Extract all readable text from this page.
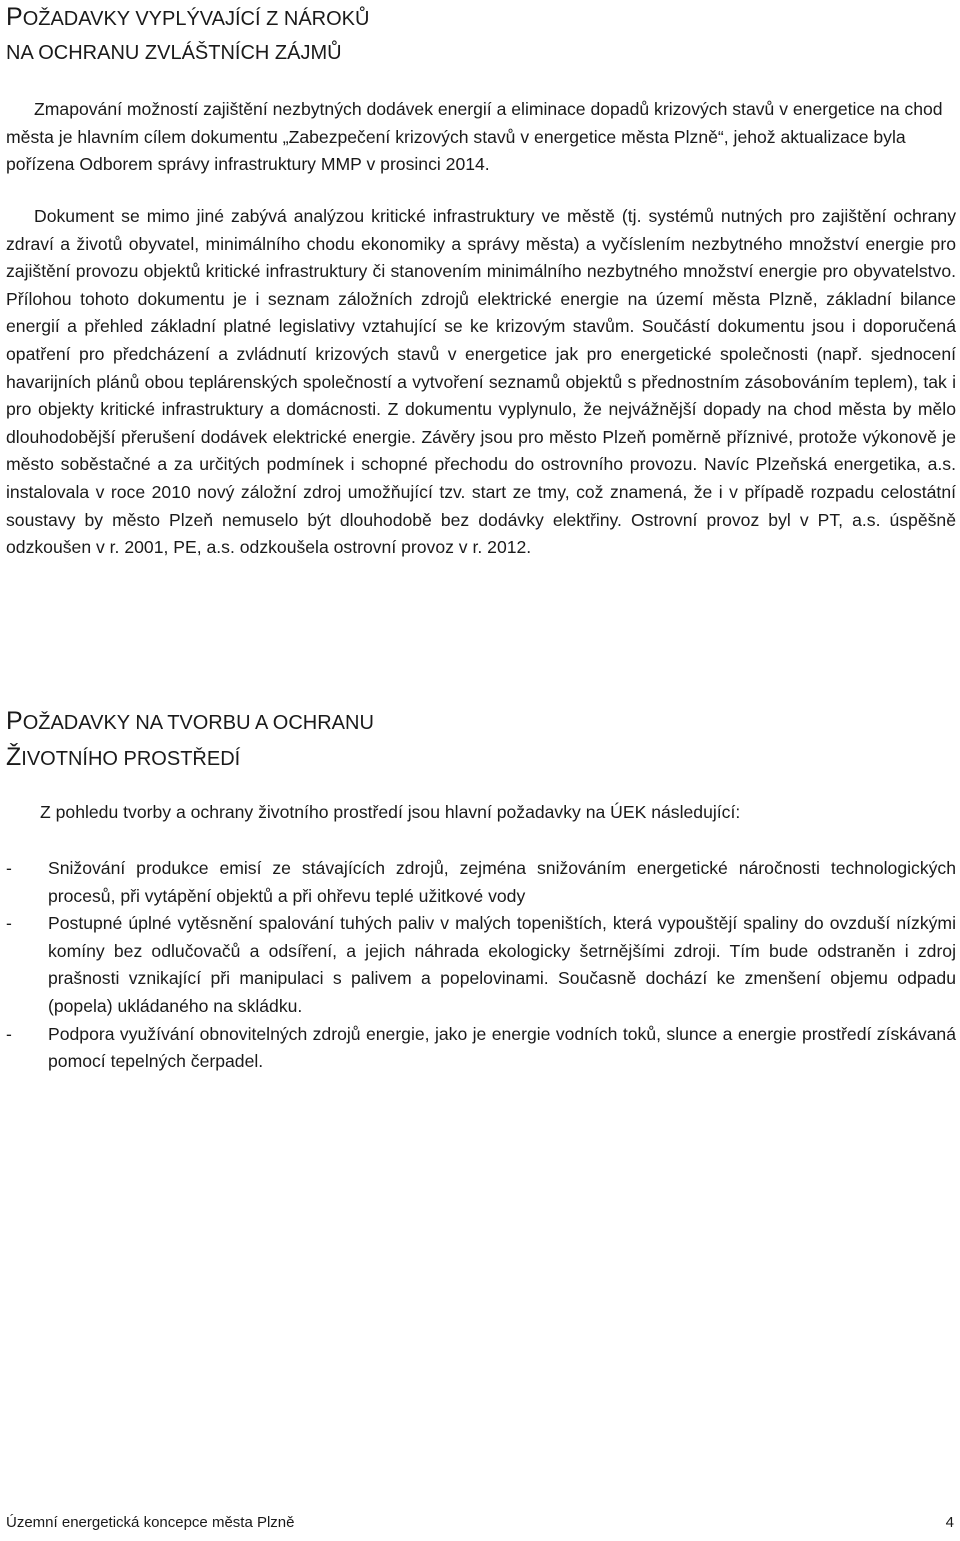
POŽADAVKY VYPLÝVAJÍCÍ Z NÁROKŮ
NA OCHRANU ZVLÁŠTNÍCH ZÁJMŮ

Zmapování možností zajištění nezbytných dodávek energií a eliminace dopadů krizových stavů v energetice na chod města je hlavním cílem dokumentu „Zabezpečení krizových stavů v energetice města Plzně“, jehož aktualizace byla pořízena Odborem správy infrastruktury MMP v prosinci 2014.

Dokument se mimo jiné zabývá analýzou kritické infrastruktury ve městě (tj. systémů nutných pro zajištění ochrany zdraví a životů obyvatel, minimálního chodu ekonomiky a správy města) a vyčíslením nezbytného množství energie pro zajištění provozu objektů kritické infrastruktury či stanovením minimálního nezbytného množství energie pro obyvatelstvo. Přílohou tohoto dokumentu je i seznam záložních zdrojů elektrické energie na území města Plzně, základní bilance energií a přehled základní platné legislativy vztahující se ke krizovým stavům. Součástí dokumentu jsou i doporučená opatření pro předcházení a zvládnutí krizových stavů v energetice jak pro energetické společnosti (např. sjednocení havarijních plánů obou teplárenských společností a vytvoření seznamů objektů s přednostním zásobováním teplem), tak i pro objekty kritické infrastruktury a domácnosti. Z dokumentu vyplynulo, že nejvážnější dopady na chod města by mělo dlouhodobější přerušení dodávek elektrické energie. Závěry jsou pro město Plzeň poměrně příznivé, protože výkonově je město soběstačné a za určitých podmínek i schopné přechodu do ostrovního provozu. Navíc Plzeňská energetika, a.s. instalovala v roce 2010 nový záložní zdroj umožňující tzv. start ze tmy, což znamená, že i v případě rozpadu celostátní soustavy by město Plzeň nemuselo být dlouhodobě bez dodávky elektřiny. Ostrovní provoz byl v PT, a.s. úspěšně odzkoušen v r. 2001, PE, a.s. odzkoušela ostrovní provoz v r. 2012.

POŽADAVKY NA TVORBU A OCHRANU
ŽIVOTNÍHO PROSTŘEDÍ

Z pohledu tvorby a ochrany životního prostředí jsou hlavní požadavky na ÚEK následující:

- Snižování produkce emisí ze stávajících zdrojů, zejména snižováním energetické náročnosti technologických procesů, při vytápění objektů a při ohřevu teplé užitkové vody
- Postupné úplné vytěsnění spalování tuhých paliv v malých topeništích, která vypouštějí spaliny do ovzduší nízkými komíny bez odlučovačů a odsíření, a jejich náhrada ekologicky šetrnějšími zdroji. Tím bude odstraněn i zdroj prašnosti vznikající při manipulaci s palivem a popelovinami. Současně dochází ke zmenšení objemu odpadu (popela) ukládaného na skládku.
- Podpora využívání obnovitelných zdrojů energie, jako je energie vodních toků, slunce a energie prostředí získávaná pomocí tepelných čerpadel.
Územní energetická koncepce města Plzně	4
